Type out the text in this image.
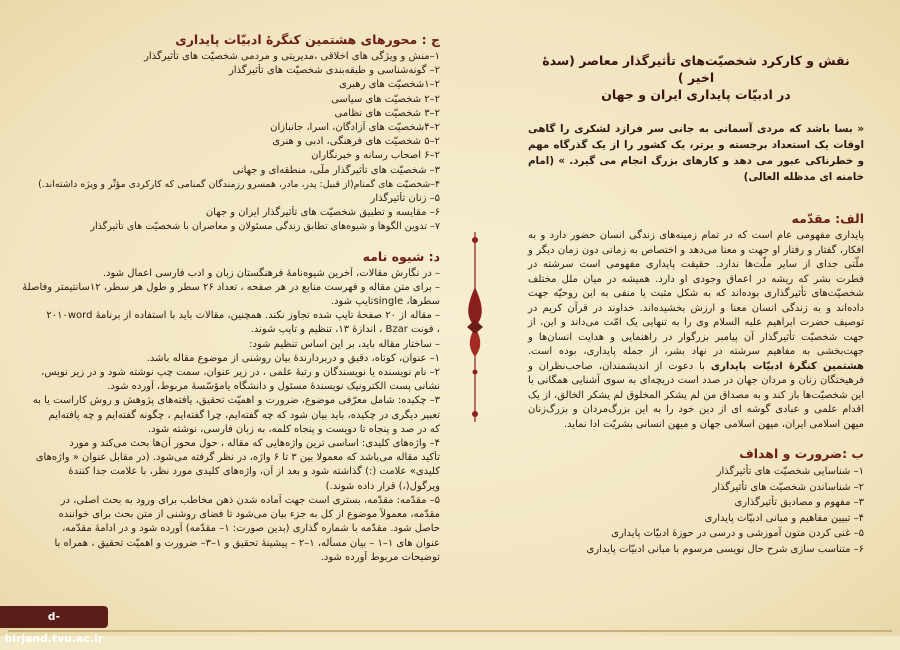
ج : محورهای هشتمین کنگرهٔ ادبیّات پایداری
۱–منش و ویژگی های اخلاقی ،مدیریتی و مردمی شخصیّت های تأثیرگذار
۲– گونه‌شناسی و طبقه‌بندی شخصیّت های تأثیرگذار
۲–۱شخصیّت های رهبری
۲–۲ شخصیّت های سیاسی
۲–۳ شخصیّت های نظامی
۲–۴شخصیّت های آزادگان، اسرا، جانبازان
۲–۵ شخصیّت های فرهنگی، ادبی و هنری
۲–۶ اصحاب رسانه و خبرنگاران
۳– شخصیّت های تأثیرگذار ملّی، منطقه‌ای و جهانی
۴–شخصیّت های گمنام(از قبیل: پدر، مادر، همسرو رزمندگان گمنامی که کارکردی مؤثّر و ویژه داشته‌اند.)
۵– زنان تأثیرگذار
۶– مقایسه و تطبیق شخصیّت های تأثیرگذار ایران و جهان
۷– تدوین الگوها و شیوه‌های تطابق زندگی مسئولان و معاصران با شخصیّت های تأثیرگذار
د: شیوه نامه
– در نگارش مقالات، آخرین شیوه‌نامهٔ فرهنگستان زبان و ادب فارسی اعمال شود.
– برای متن مقاله و فهرست منابع در هر صفحه ، تعداد ۲۶ سطر و طول هر سطر، ۱۲سانتیمتر وفاصلهٔ
سطرها، singleتایپ شود.
– مقاله از ۲۰ صفحهٔ تایپ شده تجاوز نکند. همچنین، مقالات باید با استفاده از برنامهٔ ۲۰۱۰word
، فونت Bzar ، اندازهٔ ۱۳، تنظیم و تایپ شوند.
– ساختار مقاله باید، بر این اساس تنظیم شود:
۱– عنوان، کوتاه، دقیق و دربردارندهٔ بیان روشنی از موضوع مقاله باشد.
۲– نام نویسنده یا نویسندگان و رتبهٔ علمی ، در زیر عنوان، سمت چپ نوشته شود و در زیر نویس،
نشانی پست الکترونیک نویسندهٔ مسئول و دانشگاه یامؤسّسهٔ مربوط، آورده شود.
۳– چکیده: شامل معرّفی موضوع، ضرورت و اهمیّت تحقیق، یافته‌های پژوهش و روش کاراست یا به
تعبیر دیگری در چکیده، باید بیان شود که چه گفته‌ایم، چرا گفته‌ایم ، چگونه گفته‌ایم و چه یافته‌ایم
که در صد و پنجاه تا دویست و پنجاه کلمه، به زبان فارسی، نوشته شود.
۴– واژه‌های کلیدی: اساسی ترین واژه‌هایی که مقاله ، حول محور آن‌ها بحث می‌کند و مورد
تأکید مقاله می‌باشد که معمولا بین ۳ تا ۶ واژه، در نظر گرفته می‌شود. (در مقابل عنوان « واژه‌های
کلیدی» علامت (:) گذاشته شود و بعد از آن، واژه‌های کلیدی مورد نظر، با علامت جدا کنندهٔ
ویرگول(،) قرار داده شوند.)
۵– مقدّمه: مقدّمه، بستری است جهت آماده شدن ذهن مخاطب برای ورود به بحث اصلی، در
مقدّمه، معمولاً موضوع از کل به جزء بیان می‌شود تا فضای روشنی از متن بحث برای خواننده
حاصل شود. مقدّمه با شماره گذاری (بدین صورت: ۱– مقدّمه) آورده شود و در ادامهٔ مقدّمه،
عنوان های ۱–۱ – بیان مسأله، ۱–۲ – پیشینهٔ تحقیق و ۱–۳– ضرورت و اهمیّت تحقیق ، همراه با
توضیحات مربوط آورده شود.
نقش و کارکرد شخصیّت‌های تأثیرگذار معاصر (سدهٔ اخیر )
در ادبیّات پایداری ایران و جهان
« بسا باشد که مردی آسمانی به جانی سر فرازد لشکری را گاهی اوقات یک استعداد برجسته و برتر، یک کشور را از یک گذرگاه مهم و خطرناکی عبور می دهد و کارهای بزرگ انجام می گیرد. » (امام خامنه ای مدظله العالی)
الف: مقدّمه
پایداری مفهومی عام است که در تمام زمینه‌های زندگی انسان حضور دارد و به افکار، گفتار و رفتار او جهت و معنا می‌دهد و اختصاص به زمانی دون زمان دیگر و ملّتی جدای از سایر ملّت‌ها ندارد. حقیقت پایداری مفهومی است سرشته در فطرت بشر که ریشه در اعماق وجودی او دارد. همیشه در میان ملل مختلف شخصیّت‌های تأثیرگذاری بوده‌اند که به شکل مثبت یا منفی به این روحیّه جهت داده‌اند و به زندگی انسان معنا و ارزش بخشیده‌اند. خداوند در قرآن کریم در توصیف حضرت ابراهیم علیه السلام وی را به تنهایی یک امّت می‌داند و این، از جهت شخصیّت تأثیرگذار آن پیامبر بزرگوار در راهنمایی و هدایت انسان‌ها و جهت‌بخشی به مفاهیم سرشته در نهاد بشر، از جمله پایداری، بوده است. هشتمین کنگرهٔ ادبیّات پایداری با دعوت از اندیشمندان، صاحب‌نظران و فرهیختگان زنان و مردان جهان در صدد است دریچه‌ای به سوی آشنایی همگانی با این شخصیّت‌ها باز کند و به مصداق من لم یشکر المخلوق لم یشکر الخالق، از یک اقدام علمی و عبادی گوشه ای از دین خود را به این بزرگ‌مردان و بزرگ‌زنان میهن اسلامی ایران، میهن اسلامی جهان و میهن انسانی بشریّت ادا نماید.
ب :ضرورت و اهداف
۱– شناسایی شخصیّت های تأثیرگذار
۲– شناساندن شخصیّت های تأثیرگذار
۳– مفهوم و مصادیق تأثیرگذاری
۴– تبیین مفاهیم و مبانی ادبیّات پایداری
۵– غنی کردن متون آموزشی و درسی در حوزهٔ ادبیّات پایداری
۶– متناسب سازی شرح حال نویسی مرسوم با مبانی ادبیّات پایداری
d-birjand.tvu.ac.ir
